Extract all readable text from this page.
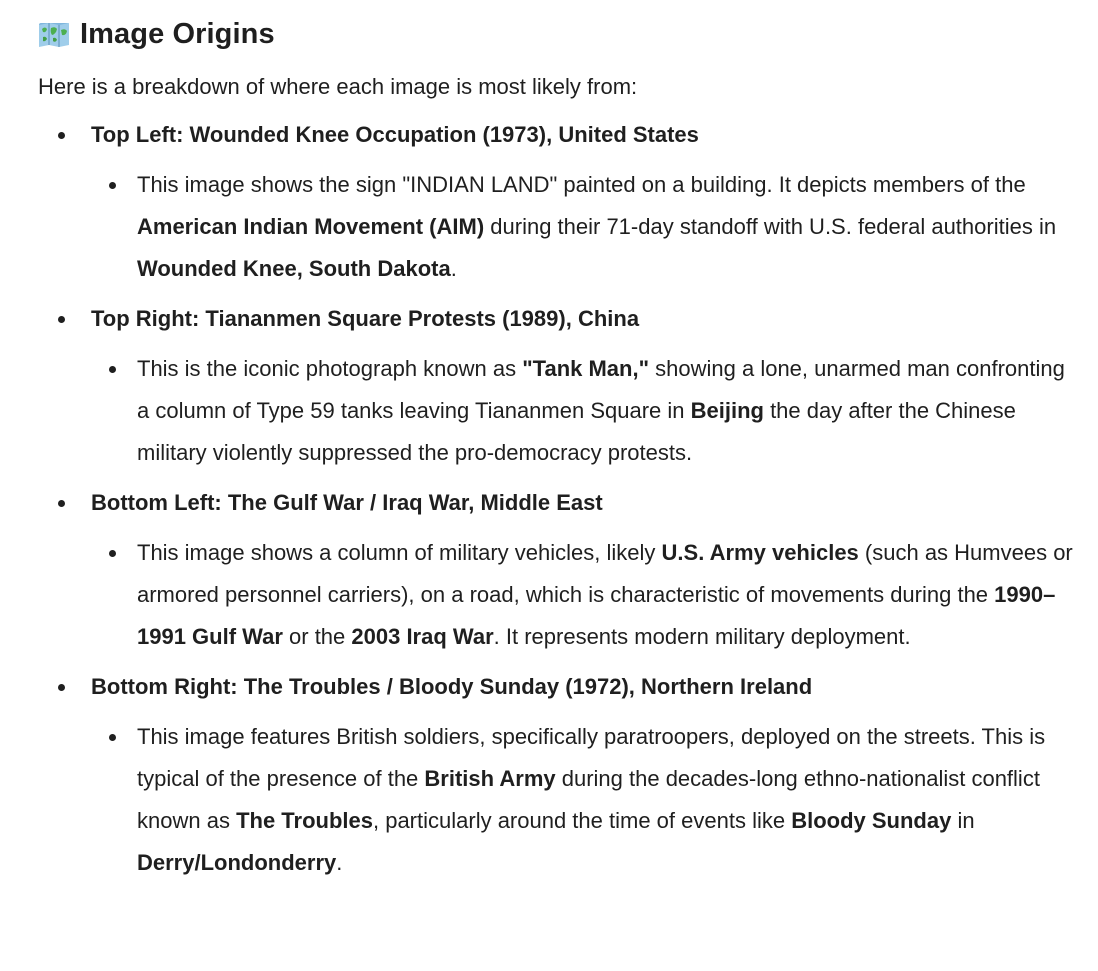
Image Origins

Here is a breakdown of where each image is most likely from:

Top Left: Wounded Knee Occupation (1973), United States
This image shows the sign "INDIAN LAND" painted on a building. It depicts members of the American Indian Movement (AIM) during their 71-day standoff with U.S. federal authorities in Wounded Knee, South Dakota.
Top Right: Tiananmen Square Protests (1989), China
This is the iconic photograph known as "Tank Man," showing a lone, unarmed man confronting a column of Type 59 tanks leaving Tiananmen Square in Beijing the day after the Chinese military violently suppressed the pro-democracy protests.
Bottom Left: The Gulf War / Iraq War, Middle East
This image shows a column of military vehicles, likely U.S. Army vehicles (such as Humvees or armored personnel carriers), on a road, which is characteristic of movements during the 1990–1991 Gulf War or the 2003 Iraq War. It represents modern military deployment.
Bottom Right: The Troubles / Bloody Sunday (1972), Northern Ireland
This image features British soldiers, specifically paratroopers, deployed on the streets. This is typical of the presence of the British Army during the decades-long ethno-nationalist conflict known as The Troubles, particularly around the time of events like Bloody Sunday in Derry/Londonderry.
